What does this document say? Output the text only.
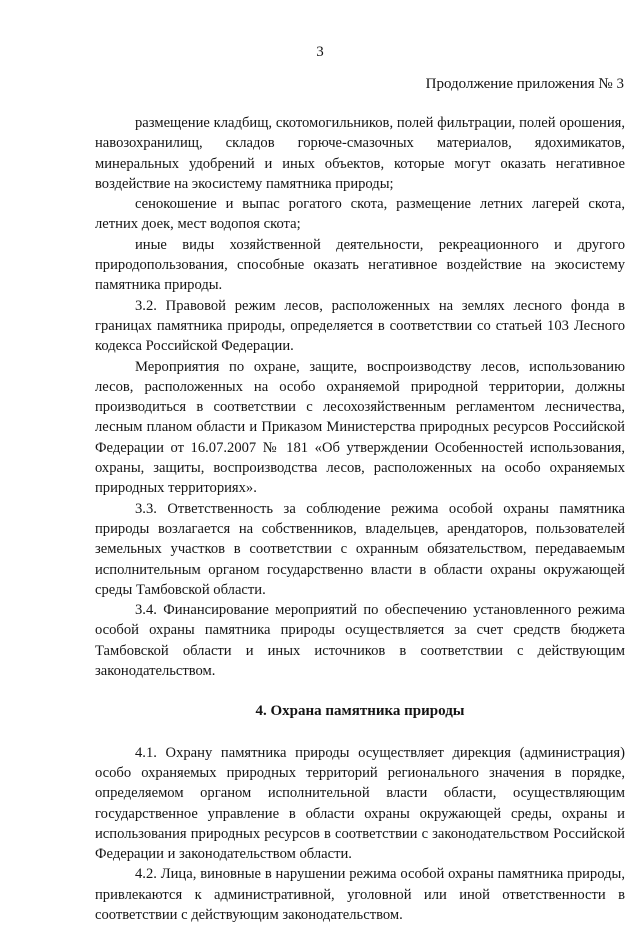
3
Продолжение приложения № 3

размещение кладбищ, скотомогильников, полей фильтрации, полей орошения, навозохранилищ, складов горюче-смазочных материалов, ядохимикатов, минеральных удобрений и иных объектов, которые могут оказать негативное воздействие на экосистему памятника природы;

сенокошение и выпас рогатого скота, размещение летних лагерей скота, летних доек, мест водопоя скота;

иные виды хозяйственной деятельности, рекреационного и другого природопользования, способные оказать негативное воздействие на экосистему памятника природы.

3.2. Правовой режим лесов, расположенных на землях лесного фонда в границах памятника природы, определяется в соответствии со статьей 103 Лесного кодекса Российской Федерации.

Мероприятия по охране, защите, воспроизводству лесов, использованию лесов, расположенных на особо охраняемой природной территории, должны производиться в соответствии с лесохозяйственным регламентом лесничества, лесным планом области и Приказом Министерства природных ресурсов Российской Федерации от 16.07.2007 № 181 «Об утверждении Особенностей использования, охраны, защиты, воспроизводства лесов, расположенных на особо охраняемых природных территориях».

3.3. Ответственность за соблюдение режима особой охраны памятника природы возлагается на собственников, владельцев, арендаторов, пользователей земельных участков в соответствии с охранным обязательством, передаваемым исполнительным органом государственно власти в области охраны окружающей среды Тамбовской области.

3.4. Финансирование мероприятий по обеспечению установленного режима особой охраны памятника природы осуществляется за счет средств бюджета Тамбовской области и иных источников в соответствии с действующим законодательством.

4. Охрана памятника природы

4.1. Охрану памятника природы осуществляет дирекция (администрация) особо охраняемых природных территорий регионального значения в порядке, определяемом органом исполнительной власти области, осуществляющим государственное управление в области охраны окружающей среды, охраны и использования природных ресурсов в соответствии с законодательством Российской Федерации и законодательством области.

4.2. Лица, виновные в нарушении режима особой охраны памятника природы, привлекаются к административной, уголовной или иной ответственности в соответствии с действующим законодательством.
